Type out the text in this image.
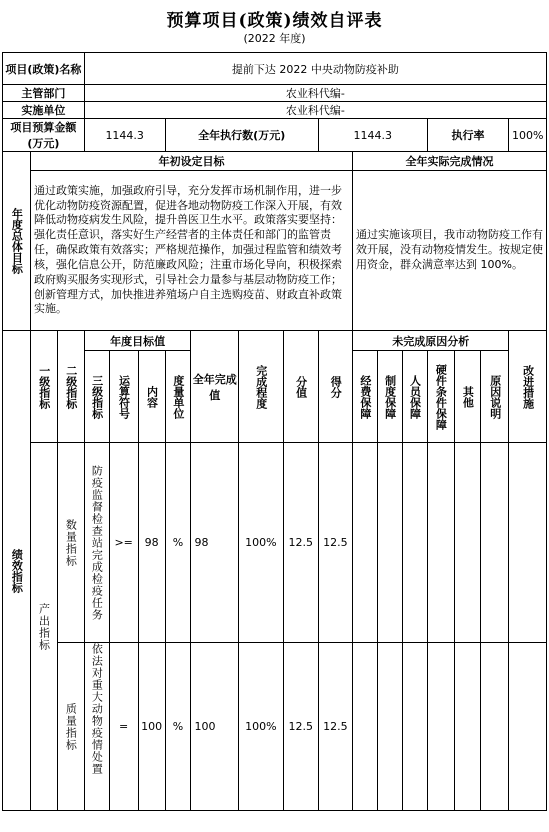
预算项目(政策)绩效自评表
(2022 年度)
项目(政策)名称			提前下达 2022 中央动物防疫补助														
主管部门			农业科代编-														
实施单位			农业科代编-														
项目预算金额(万元)			1144.3			全年执行数(万元)				1144.3				执行率			100%

年度总体目标	年初设定目标										全年实际完成情况						
	通过政策实施，加强政府引导，充分发挥市场机制作用，进一步优化动物防疫资源配置，促进各地动物防疫工作深入开展，有效降低动物疫病发生风险，提升兽医卫生水平。政策落实要坚持：强化责任意识，落实好生产经营者的主体责任和部门的监管责任，确保政策有效落实；严格规范操作，加强过程监管和绩效考核，强化信息公开，防范廉政风险；注重市场化导向，积极探索政府购买服务实现形式，引导社会力量参与基层动物防疫工作；创新管理方式，加快推进养殖场户自主选购疫苗、财政直补政策实施。										通过实施该项目，我市动物防疫工作有效开展，没有动物疫情发生。按规定使用资金，群众满意率达到 100%。						

绩效指标	一级指标	二级指标	年度目标值				全年完成值	完成程度	分值	得分	未完成原因分析						改进措施

			三级指标	运算符号	内容	度量单位					经费保障	制度保障	人员保障	硬件条件保障	其他	原因说明	

	产出指标	数量指标	防疫监督检查站完成检疫任务	>=	98	%	98	100%	12.5	12.5							

		质量指标	依法对重大动物疫情处置	=	100	%	100	100%	12.5	12.5							
